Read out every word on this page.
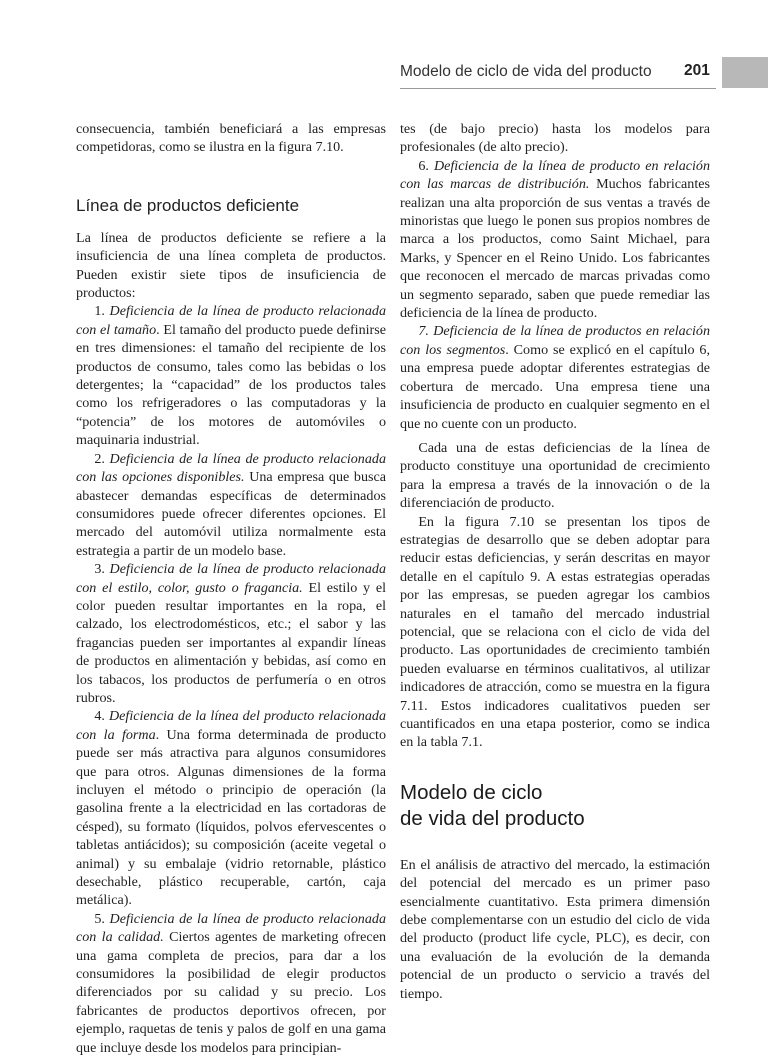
Modelo de ciclo de vida del producto	201

consecuencia, también beneficiará a las empresas competidoras, como se ilustra en la figura 7.10.

Línea de productos deficiente

La línea de productos deficiente se refiere a la insuficiencia de una línea completa de productos. Pueden existir siete tipos de insuficiencia de productos:

1. Deficiencia de la línea de producto relacionada con el tamaño. El tamaño del producto puede definirse en tres dimensiones: el tamaño del recipiente de los productos de consumo, tales como las bebidas o los detergentes; la “capacidad” de los productos tales como los refrigeradores o las computadoras y la “potencia” de los motores de automóviles o maquinaria industrial.

2. Deficiencia de la línea de producto relacionada con las opciones disponibles. Una empresa que busca abastecer demandas específicas de determinados consumidores puede ofrecer diferentes opciones. El mercado del automóvil utiliza normalmente esta estrategia a partir de un modelo base.

3. Deficiencia de la línea de producto relacionada con el estilo, color, gusto o fragancia. El estilo y el color pueden resultar importantes en la ropa, el calzado, los electrodomésticos, etc.; el sabor y las fragancias pueden ser importantes al expandir líneas de productos en alimentación y bebidas, así como en los tabacos, los productos de perfumería o en otros rubros.

4. Deficiencia de la línea del producto relacionada con la forma. Una forma determinada de producto puede ser más atractiva para algunos consumidores que para otros. Algunas dimensiones de la forma incluyen el método o principio de operación (la gasolina frente a la electricidad en las cortadoras de césped), su formato (líquidos, polvos efervescentes o tabletas antiácidos); su composición (aceite vegetal o animal) y su embalaje (vidrio retornable, plástico desechable, plástico recuperable, cartón, caja metálica).

5. Deficiencia de la línea de producto relacionada con la calidad. Ciertos agentes de marketing ofrecen una gama completa de precios, para dar a los consumidores la posibilidad de elegir productos diferenciados por su calidad y su precio. Los fabricantes de productos deportivos ofrecen, por ejemplo, raquetas de tenis y palos de golf en una gama que incluye desde los modelos para principian-

tes (de bajo precio) hasta los modelos para profesionales (de alto precio).

6. Deficiencia de la línea de producto en relación con las marcas de distribución. Muchos fabricantes realizan una alta proporción de sus ventas a través de minoristas que luego le ponen sus propios nombres de marca a los productos, como Saint Michael, para Marks, y Spencer en el Reino Unido. Los fabricantes que reconocen el mercado de marcas privadas como un segmento separado, saben que puede remediar las deficiencia de la línea de producto.

7. Deficiencia de la línea de productos en relación con los segmentos. Como se explicó en el capítulo 6, una empresa puede adoptar diferentes estrategias de cobertura de mercado. Una empresa tiene una insuficiencia de producto en cualquier segmento en el que no cuente con un producto.

Cada una de estas deficiencias de la línea de producto constituye una oportunidad de crecimiento para la empresa a través de la innovación o de la diferenciación de producto.

En la figura 7.10 se presentan los tipos de estrategias de desarrollo que se deben adoptar para reducir estas deficiencias, y serán descritas en mayor detalle en el capítulo 9. A estas estrategias operadas por las empresas, se pueden agregar los cambios naturales en el tamaño del mercado industrial potencial, que se relaciona con el ciclo de vida del producto. Las oportunidades de crecimiento también pueden evaluarse en términos cualitativos, al utilizar indicadores de atracción, como se muestra en la figura 7.11. Estos indicadores cualitativos pueden ser cuantificados en una etapa posterior, como se indica en la tabla 7.1.

Modelo de ciclo
de vida del producto

En el análisis de atractivo del mercado, la estimación del potencial del mercado es un primer paso esencialmente cuantitativo. Esta primera dimensión debe complementarse con un estudio del ciclo de vida del producto (product life cycle, PLC), es decir, con una evaluación de la evolución de la demanda potencial de un producto o servicio a través del tiempo.
